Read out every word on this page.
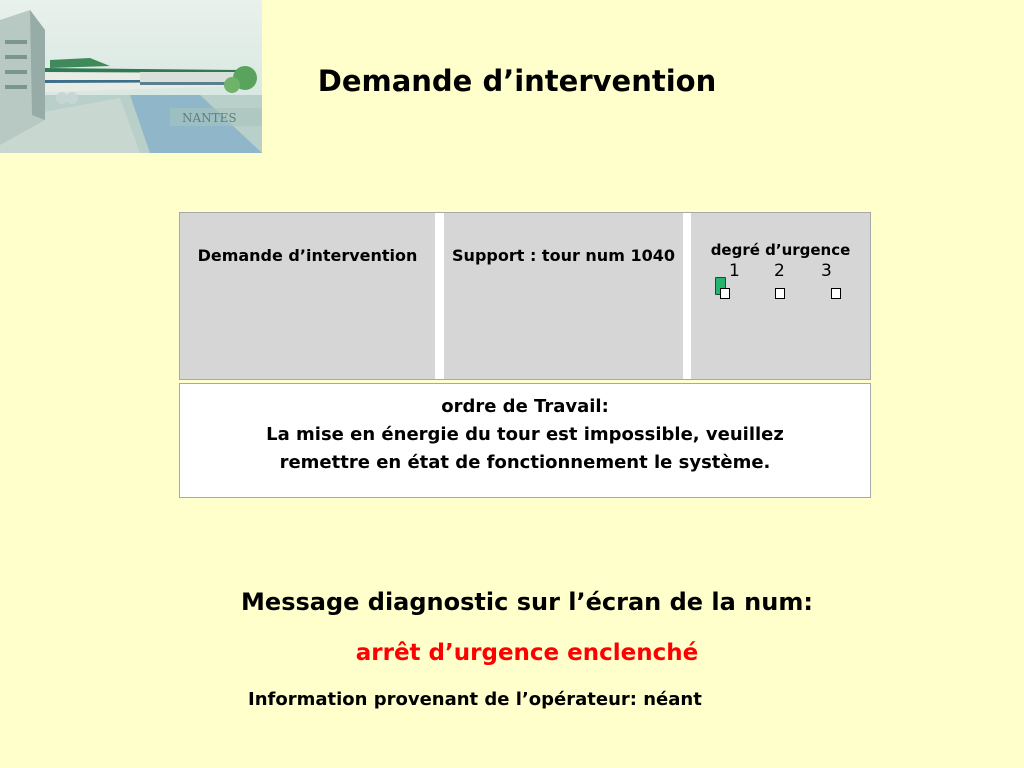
NANTES
Demande d’intervention
Demande d’intervention	Support : tour num 1040	degré d’urgence
1 2 3
ordre de Travail:
La mise en énergie du tour est impossible, veuillez
remettre en état de fonctionnement le système.
Message diagnostic sur l’écran de la num:
arrêt d’urgence enclenché
Information provenant de l’opérateur: néant
